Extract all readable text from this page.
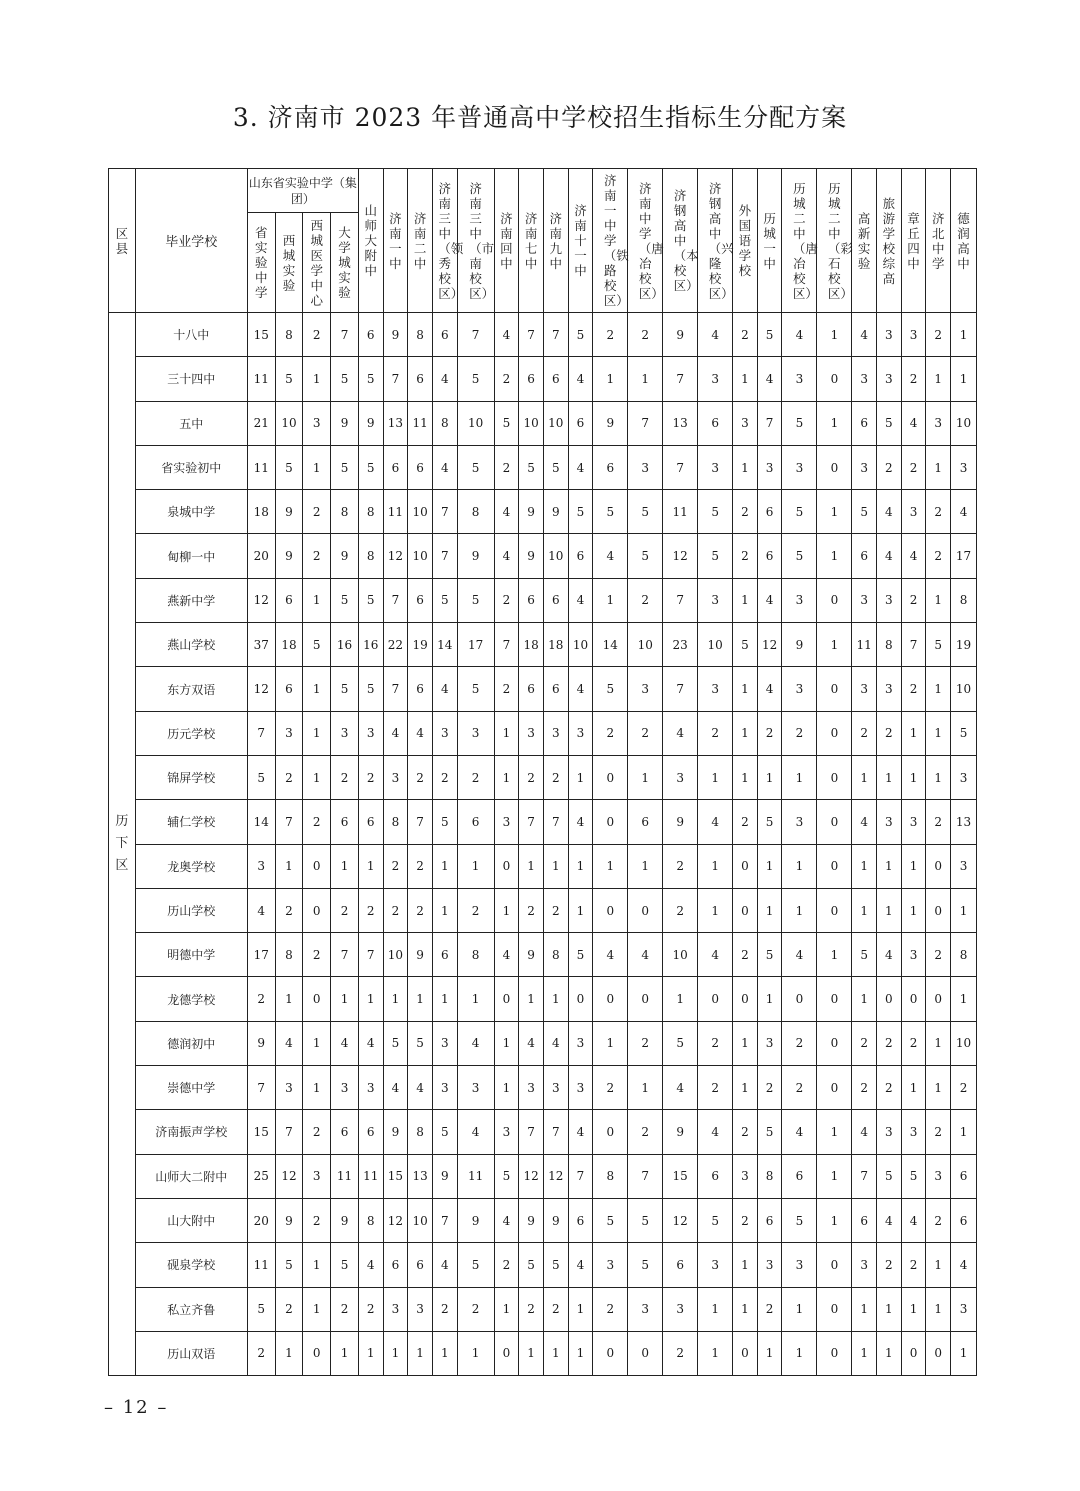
3. 济南市 2023 年普通高中学校招生指标生分配方案
区县	毕业学校	山东省实验中学（集团）				山师大附中	济南一中	济南二中	济南三中（领秀校区）	济南三中（市南校区）	济南回中	济南七中	济南九中	济南十一中	济南一中学（铁路校区）	济南中学（唐冶校区）	济钢高中（本校区）	济钢高中（兴隆校区）	外国语学校	历城一中	历城二中（唐冶校区）	历城二中（彩石校区）	高新实验	旅游学校综高	章丘四中	济北中学	德润高中

		省实验中学	西城实验	西城医学中心	大学城实验																						

历下区	十八中	15	8	2	7	6	9	8	6	7	4	7	7	5	2	2	9	4	2	5	4	1	4	3	3	2	1
	三十四中	11	5	1	5	5	7	6	4	5	2	6	6	4	1	1	7	3	1	4	3	0	3	3	2	1	1
	五中	21	10	3	9	9	13	11	8	10	5	10	10	6	9	7	13	6	3	7	5	1	6	5	4	3	10
	省实验初中	11	5	1	5	5	6	6	4	5	2	5	5	4	6	3	7	3	1	3	3	0	3	2	2	1	3
	泉城中学	18	9	2	8	8	11	10	7	8	4	9	9	5	5	5	11	5	2	6	5	1	5	4	3	2	4
	甸柳一中	20	9	2	9	8	12	10	7	9	4	9	10	6	4	5	12	5	2	6	5	1	6	4	4	2	17
	燕新中学	12	6	1	5	5	7	6	5	5	2	6	6	4	1	2	7	3	1	4	3	0	3	3	2	1	8
	燕山学校	37	18	5	16	16	22	19	14	17	7	18	18	10	14	10	23	10	5	12	9	1	11	8	7	5	19
	东方双语	12	6	1	5	5	7	6	4	5	2	6	6	4	5	3	7	3	1	4	3	0	3	3	2	1	10
	历元学校	7	3	1	3	3	4	4	3	3	1	3	3	3	2	2	4	2	1	2	2	0	2	2	1	1	5
	锦屏学校	5	2	1	2	2	3	2	2	2	1	2	2	1	0	1	3	1	1	1	1	0	1	1	1	1	3
	辅仁学校	14	7	2	6	6	8	7	5	6	3	7	7	4	0	6	9	4	2	5	3	0	4	3	3	2	13
	龙奥学校	3	1	0	1	1	2	2	1	1	0	1	1	1	1	1	2	1	0	1	1	0	1	1	1	0	3
	历山学校	4	2	0	2	2	2	2	1	2	1	2	2	1	0	0	2	1	0	1	1	0	1	1	1	0	1
	明德中学	17	8	2	7	7	10	9	6	8	4	9	8	5	4	4	10	4	2	5	4	1	5	4	3	2	8
	龙德学校	2	1	0	1	1	1	1	1	1	0	1	1	0	0	0	1	0	0	1	0	0	1	0	0	0	1
	德润初中	9	4	1	4	4	5	5	3	4	1	4	4	3	1	2	5	2	1	3	2	0	2	2	2	1	10
	崇德中学	7	3	1	3	3	4	4	3	3	1	3	3	3	2	1	4	2	1	2	2	0	2	2	1	1	2
	济南振声学校	15	7	2	6	6	9	8	5	4	3	7	7	4	0	2	9	4	2	5	4	1	4	3	3	2	1
	山师大二附中	25	12	3	11	11	15	13	9	11	5	12	12	7	8	7	15	6	3	8	6	1	7	5	5	3	6
	山大附中	20	9	2	9	8	12	10	7	9	4	9	9	6	5	5	12	5	2	6	5	1	6	4	4	2	6
	砚泉学校	11	5	1	5	4	6	6	4	5	2	5	5	4	3	5	6	3	1	3	3	0	3	2	2	1	4
	私立齐鲁	5	2	1	2	2	3	3	2	2	1	2	2	1	2	3	3	1	1	2	1	0	1	1	1	1	3
	历山双语	2	1	0	1	1	1	1	1	1	0	1	1	1	0	0	2	1	0	1	1	0	1	1	0	0	1
– 12 –
